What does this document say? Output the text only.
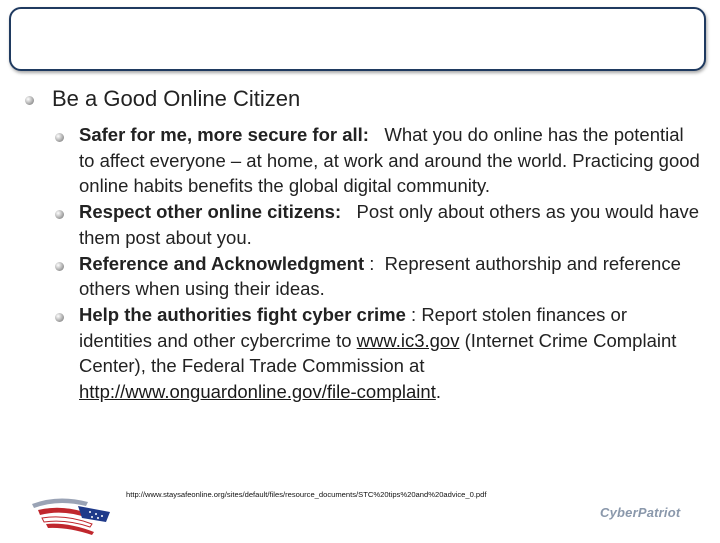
Be a Good Online Citizen
Safer for me, more secure for all:   What you do online has the potential to affect everyone – at home, at work and around the world. Practicing good online habits benefits the global digital community.
Respect other online citizens:   Post only about others as you would have them post about you.
Reference and Acknowledgment :  Represent authorship and reference others when using their ideas.
Help the authorities fight cyber crime : Report stolen finances or identities and other cybercrime to www.ic3.gov (Internet Crime Complaint Center), the Federal Trade Commission at http://www.onguardonline.gov/file-complaint.
http://www.staysafeonline.org/sites/default/files/resource_documents/STC%20tips%20and%20advice_0.pdf
CyberPatriot
